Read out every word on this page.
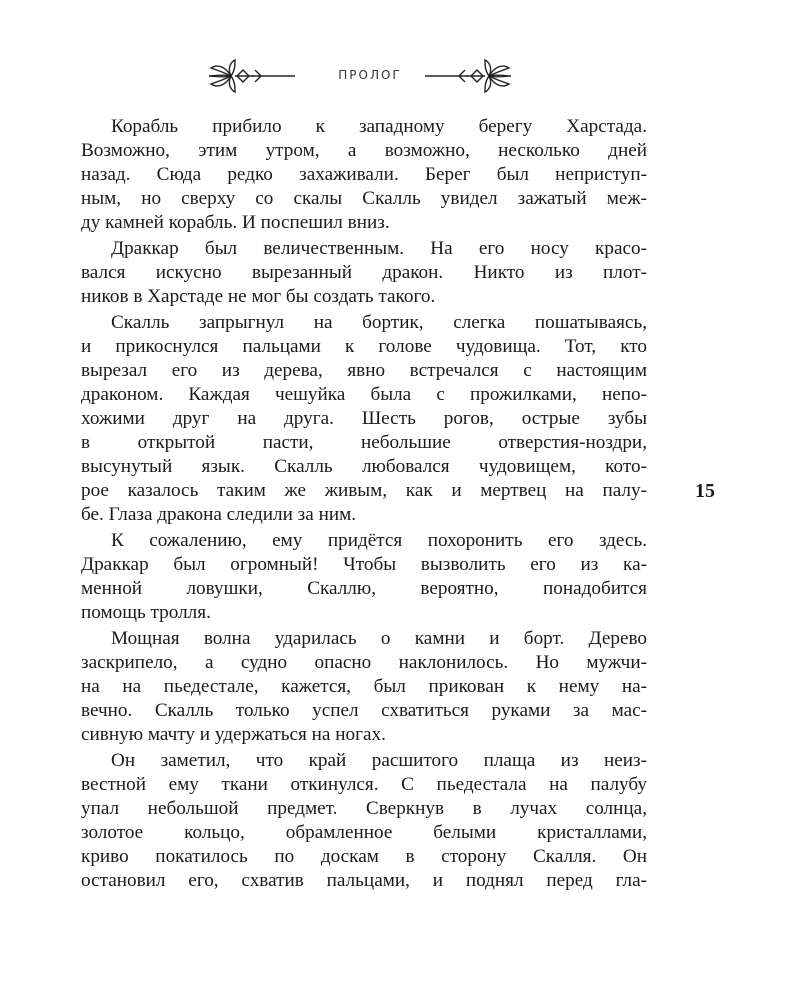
ПРОЛОГ

Корабль прибило к западному берегу Харстада.
Возможно, этим утром, а возможно, несколько дней
назад. Сюда редко захаживали. Берег был неприступ-
ным, но сверху со скалы Скалль увидел зажатый меж-
ду камней корабль. И поспешил вниз.

Драккар был величественным. На его носу красо-
вался искусно вырезанный дракон. Никто из плот-
ников в Харстаде не мог бы создать такого.

Скалль запрыгнул на бортик, слегка пошатываясь,
и прикоснулся пальцами к голове чудовища. Тот, кто
вырезал его из дерева, явно встречался с настоящим
драконом. Каждая чешуйка была с прожилками, непо-
хожими друг на друга. Шесть рогов, острые зубы
в открытой пасти, небольшие отверстия-ноздри,
высунутый язык. Скалль любовался чудовищем, кото-
рое казалось таким же живым, как и мертвец на палу-
бе. Глаза дракона следили за ним.

К сожалению, ему придётся похоронить его здесь.
Драккар был огромный! Чтобы вызволить его из ка-
менной ловушки, Скаллю, вероятно, понадобится
помощь тролля.

Мощная волна ударилась о камни и борт. Дерево
заскрипело, а судно опасно наклонилось. Но мужчи-
на на пьедестале, кажется, был прикован к нему на-
вечно. Скалль только успел схватиться руками за мас-
сивную мачту и удержаться на ногах.

Он заметил, что край расшитого плаща из неиз-
вестной ему ткани откинулся. С пьедестала на палубу
упал небольшой предмет. Сверкнув в лучах солнца,
золотое кольцо, обрамленное белыми кристаллами,
криво покатилось по доскам в сторону Скалля. Он
остановил его, схватив пальцами, и поднял перед гла-

15
